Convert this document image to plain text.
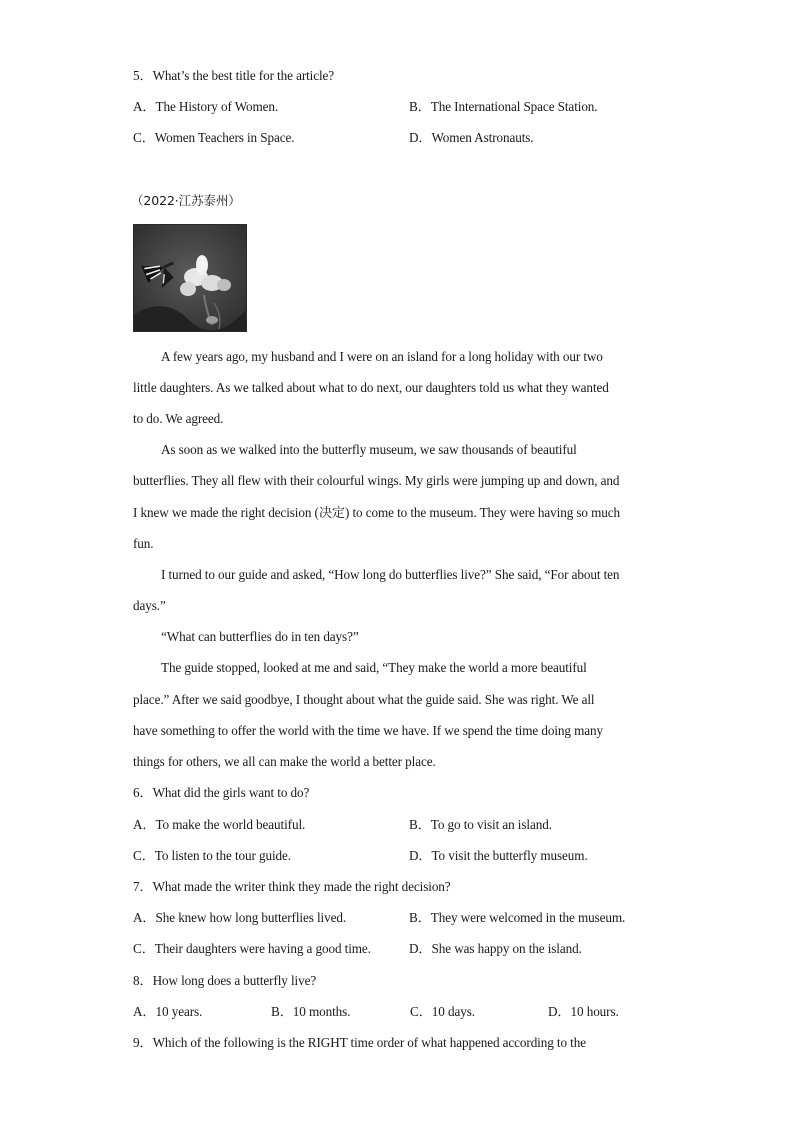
5．What’s the best title for the article?
A．The History of Women.	B．The International Space Station.
C．Women Teachers in Space.	D．Women Astronauts.
（2022·江苏泰州）
A few years ago, my husband and I were on an island for a long holiday with our two
little daughters. As we talked about what to do next, our daughters told us what they wanted
to do. We agreed.
As soon as we walked into the butterfly museum, we saw thousands of beautiful
butterflies. They all flew with their colourful wings. My girls were jumping up and down, and
I knew we made the right decision (决定) to come to the museum. They were having so much
fun.
I turned to our guide and asked, “How long do butterflies live?” She said, “For about ten
days.”
“What can butterflies do in ten days?”
The guide stopped, looked at me and said, “They make the world a more beautiful
place.” After we said goodbye, I thought about what the guide said. She was right. We all
have something to offer the world with the time we have. If we spend the time doing many
things for others, we all can make the world a better place.
6．What did the girls want to do?
A．To make the world beautiful.	B．To go to visit an island.
C．To listen to the tour guide.	D．To visit the butterfly museum.
7．What made the writer think they made the right decision?
A．She knew how long butterflies lived.	B．They were welcomed in the museum.
C．Their daughters were having a good time.	D．She was happy on the island.
8．How long does a butterfly live?
A．10 years.	B．10 months.	C．10 days.	D．10 hours.
9．Which of the following is the RIGHT time order of what happened according to the
